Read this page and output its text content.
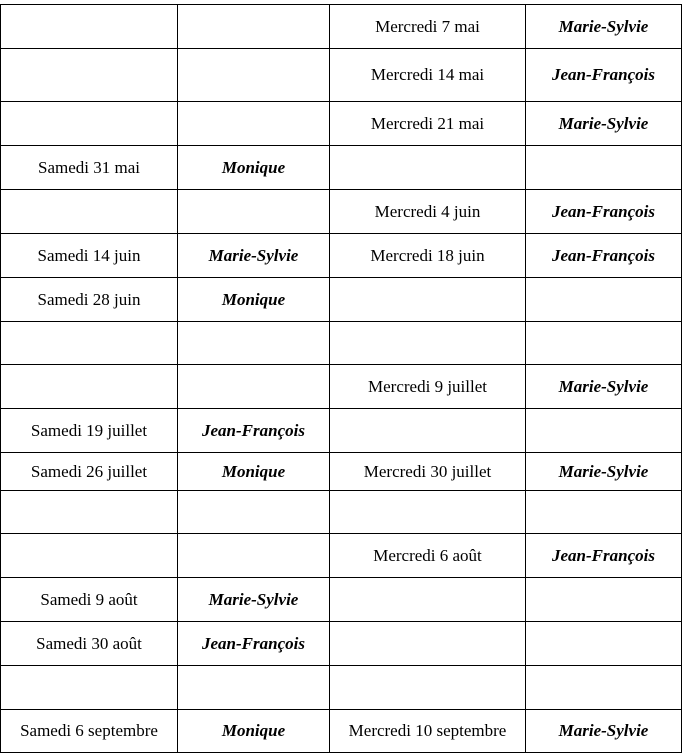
		Mercredi 7 mai	Marie-Sylvie
		Mercredi 14 mai	Jean-François
		Mercredi 21 mai	Marie-Sylvie
Samedi 31 mai	Monique		
		Mercredi 4 juin	Jean-François
Samedi 14 juin	Marie-Sylvie	Mercredi 18 juin	Jean-François
Samedi 28 juin	Monique		

		Mercredi 9 juillet	Marie-Sylvie
Samedi 19 juillet	Jean-François		
Samedi 26 juillet	Monique	Mercredi 30 juillet	Marie-Sylvie

		Mercredi 6 août	Jean-François
Samedi 9 août	Marie-Sylvie		
Samedi 30 août	Jean-François		

Samedi 6 septembre	Monique	Mercredi 10 septembre	Marie-Sylvie
